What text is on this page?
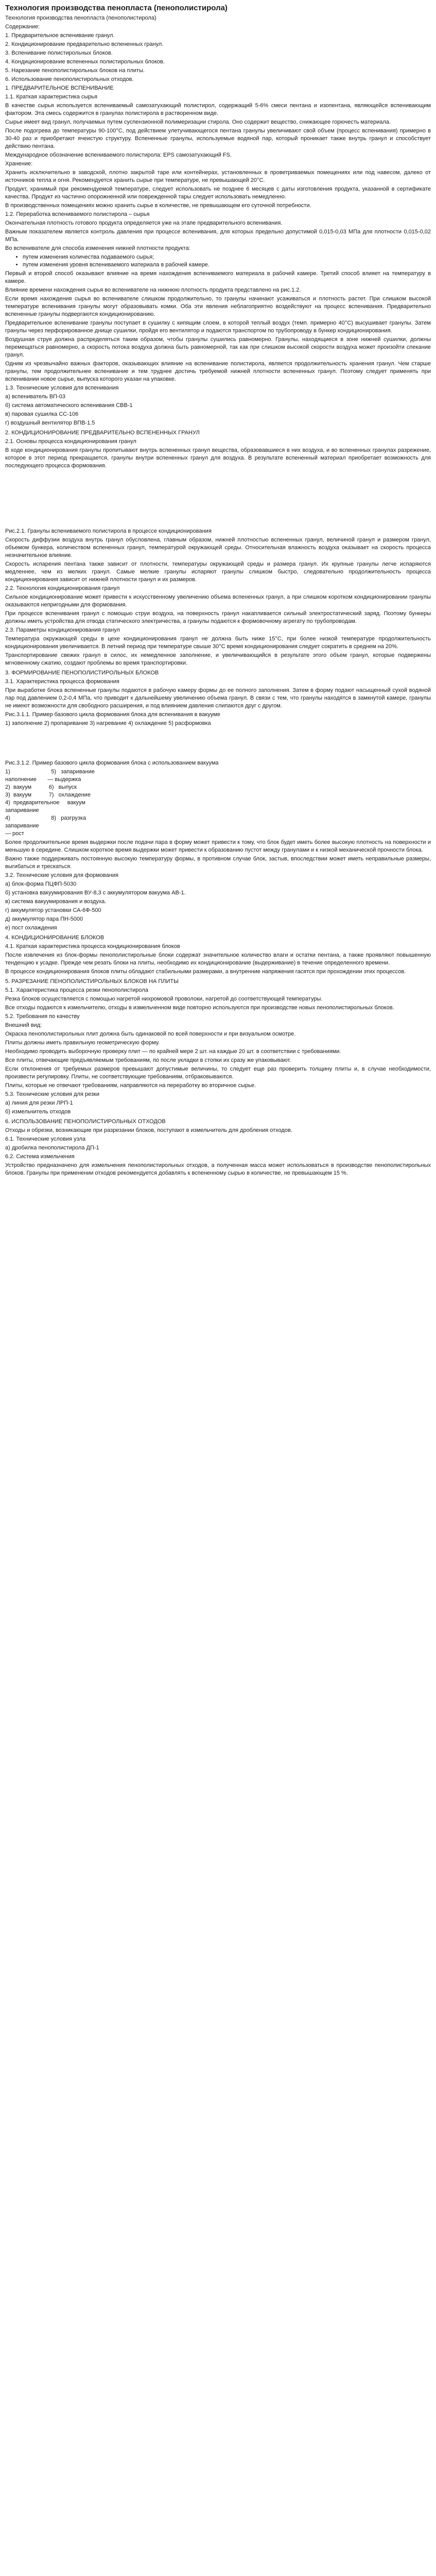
Технология производства пенопласта (пенополистирола)
Технология производства пенопласта (пенополистирола)
Содержание:
1. Предварительное вспенивание гранул.
2. Кондиционирование предварительно вспененных гранул.
3. Вспенивание полистирольных блоков.
4. Кондиционирование вспененных полистирольных блоков.
5. Нарезание пенополистирольных блоков на плиты.
6. Использование пенополистирольных отходов.
1. ПРЕДВАРИТЕЛЬНОЕ ВСПЕНИВАНИЕ
1.1. Краткая характеристика сырья
В качестве сырья используется вспениваемый самозатухающий полистирол, содержащий 5-6% смеси пентана и изопентана, являющейся вспенивающим фактором. Эта смесь содержится в гранулах полистирола в растворенном виде.
Сырье имеет вид гранул, получаемых путем суспензионной полимеризации стирола. Оно содержит вещество, снижающее горючесть материала.
После подогрева до температуры 90-100°С, под действием улетучивающегося пентана гранулы увеличивают свой объем (процесс вспенивания) примерно в 30-40 раз и приобретают ячеистую структуру. Вспененные гранулы, используемые водяной пар, который проникает также внутрь гранул и способствует действию пентана.
Международное обозначение вспениваемого полистирола: EPS самозатухающий FS.
Хранение:
Хранить исключительно в заводской, плотно закрытой таре или контейнерах, установленных в проветриваемых помещениях или под навесом, далеко от источников тепла и огня. Рекомендуется хранить сырье при температуре, не превышающей 20°С.
Продукт, хранимый при рекомендуемой температуре, следует использовать не позднее 6 месяцев с даты изготовления продукта, указанной в сертификате качества. Продукт из частично опорожненной или поврежденной тары следует использовать немедленно.
В производственных помещениях можно хранить сырье в количестве, не превышающем его суточной потребности.
1.2. Переработка вспениваемого полистирола – сырья
Окончательная плотность готового продукта определяется уже на этапе предварительного вспенивания.
Важным показателем является контроль давления при процессе вспенивания, для которых предельно допустимой 0,015-0,03 МПа для плотности 0,015-0,02 МПа.
Во вспенивателе для способа изменения нижней плотности продукта:
• путем изменения количества подаваемого сырья;
• путем изменения уровня вспениваемого материала в рабочей камере.
Первый и второй способ оказывают влияние на время нахождения вспениваемого материала в рабочей камере. Третий способ влияет на температуру в камере.
Влияние времени нахождения сырья во вспенивателе на нижнюю плотность продукта представлено на рис.1.2.
Если время нахождения сырья во вспенивателе слишком продолжительно, то гранулы начинают усаживаться и плотность растет. При слишком высокой температуре вспенивания гранулы могут образовывать комки. Оба эти явления неблагоприятно воздействуют на процесс вспенивания. Предварительно вспененные гранулы подвергаются кондиционированию.
Предварительное вспенивание гранулы поступает в сушилку с кипящим слоем, в которой теплый воздух (темп. примерно 40°С) высушивает гранулы. Затем гранулы через перфорированное днище сушилки, пройдя его вентилятор и подаются транспортом по трубопроводу в бункер кондиционирования.
Воздушная струя должна распределяться таким образом, чтобы гранулы сушились равномерно. Гранулы, находящиеся в зоне нижней сушилки, должны перемещаться равномерно, а скорость потока воздуха должна быть равномерной, так как при слишком высокой скорости воздуха может произойти спекание гранул.
Одним из чрезвычайно важных факторов, оказывающих влияние на вспенивание полистирола, является продолжительность хранения гранул. Чем старше гранулы, тем продолжительнее вспенивание и тем труднее достичь требуемой нижней плотности вспененных гранул. Поэтому следует применять при вспенивании новое сырье, выпуска которого указан на упаковке.
1.3. Технические условия для вспенивания
а) вспениватель ВП-03
б) система автоматического вспенивания СВВ-1
в) паровая сушилка СС-106
г) воздушный вентилятор ВПВ-1.5
2. КОНДИЦИОНИРОВАНИЕ ПРЕДВАРИТЕЛЬНО ВСПЕНЕННЫХ ГРАНУЛ
2.1. Основы процесса кондиционирования гранул
В ходе кондиционирования гранулы пропитывают внутрь вспененных гранул вещества, образовавшиеся в них воздуха, и во вспененных гранулах разрежение, которое в этот период прекращается, гранулы внутри вспененных гранул для воздуха. В результате вспененный материал приобретает возможность для последующего процесса формования.
Рис.2.1. Гранулы вспениваемого полистирола в процессе кондиционирования
Скорость диффузии воздуха внутрь гранул обусловлена, главным образом, нижней плотностью вспененных гранул, величиной гранул и размером гранул, объемом бункера, количеством вспененных гранул, температурой окружающей среды. Относительная влажность воздуха оказывает на скорость процесса незначительное влияние.
Скорость испарения пентана также зависит от плотности, температуры окружающей среды и размера гранул. Их крупные гранулы легче испаряются медленнее, чем из мелких гранул. Самые мелкие гранулы испаряют гранулы слишком быстро, следовательно продолжительность процесса кондиционирования зависит от нижней плотности гранул и их размеров.
2.2. Технология кондиционирования гранул
Сильное кондиционирование может привести к искусственному увеличению объема вспененных гранул, а при слишком коротком кондиционировании гранулы оказываются непригодными для формования.
При процессе вспенивания гранул с помощью струи воздуха, на поверхность гранул накапливается сильный электростатический заряд. Поэтому бункеры должны иметь устройства для отвода статического электричества, а гранулы подаются к формовочному агрегату по трубопроводам.
2.3. Параметры кондиционирования гранул
Температура окружающей среды в цехе кондиционирования гранул не должна быть ниже 15°С, при более низкой температуре продолжительность кондиционирования увеличивается. В летний период при температуре свыше 30°С время кондиционирования следует сократить в среднем на 20%.
Транспортирование свежих гранул в силос, их немедленное заполнение, и увеличивающийся в результате этого объем гранул, которые подвержены мгновенному сжатию, создают проблемы во время транспортировки.
3. ФОРМИРОВАНИЕ ПЕНОПОЛИСТИРОЛЬНЫХ БЛОКОВ
3.1. Характеристика процесса формования
При выработке блока вспененные гранулы подаются в рабочую камеру формы до ее полного заполнения. Затем в форму подают насыщенный сухой водяной пар под давлением 0,2-0,4 МПа, что приводит к дальнейшему увеличению объема гранул. В связи с тем, что гранулы находятся в замкнутой камере, гранулы не имеют возможности для свободного расширения, и под влиянием давления слипаются друг с другом.
Рис.3.1.1. Пример базового цикла формования блока для вспенивания в вакууме
1) заполнение 2) пропаривание 3) нагревание 4) охлаждение 5) расформовка
Рис.3.1.2. Пример базового цикла формования блока с использованием вакуума
1)                          5)   запаривание
наполнение       — выдержка
2)  вакуум           6)   выпуск
3)  вакуум           7)   охлаждение
4)  предварительное     вакуум
запаривание
4)                          8)   разгрузка
запаривание
— рост
Более продолжительное время выдержки после подачи пара в форму может привести к тому, что блок будет иметь более высокую плотность на поверхности и меньшую в середине. Слишком короткое время выдержки может привести к образованию пустот между гранулами и к низкой механической прочности блока.
Важно также поддерживать постоянную высокую температуру формы, в противном случае блок, застыв, впоследствии может иметь неправильные размеры, выгибаться и трескаться.
3.2. Технические условия для формования
а) блок-форма ПЦФП-5030
б) установка вакуумирования ВУ-8,3 с аккумулятором вакуума АВ-1.
в) система вакуумирования и воздуха.
г) аккумулятор установки СА-6Ф-500
д) аккумулятор пара ПН-5000
е) пост охлаждения
4. КОНДИЦИОНИРОВАНИЕ БЛОКОВ
4.1. Краткая характеристика процесса кондиционирования блоков
После извлечения из блок-формы пенополистирольные блоки содержат значительное количество влаги и остатки пентана, а также проявляют повышенную тенденцию к усадке. Прежде чем резать блоки на плиты, необходимо их кондиционирование (выдерживание) в течение определенного времени.
В процессе кондиционирования блоков плиты обладают стабильными размерами, а внутренние напряжения гасятся при прохождении этих процессов.
5. РАЗРЕЗАНИЕ ПЕНОПОЛИСТИРОЛЬНЫХ БЛОКОВ НА ПЛИТЫ
5.1. Характеристика процесса резки пенополистирола
Резка блоков осуществляется с помощью нагретой нихромовой проволоки, нагретой до соответствующей температуры.
Все отходы подаются к измельчителю, отходы в измельченном виде повторно используются при производстве новых пенополистирольных блоков.
5.2. Требования по качеству
Внешний вид:
Окраска пенополистирольных плит должна быть одинаковой по всей поверхности и при визуальном осмотре.
Плиты должны иметь правильную геометрическую форму.
Необходимо проводить выборочную проверку плит — по крайней мере 2 шт. на каждые 20 шт. в соответствии с требованиями.
Все плиты, отвечающие предъявляемым требованиям, по после укладки в стопки их сразу же упаковывают.
Если отклонения от требуемых размеров превышают допустимые величины, то следует еще раз проверить толщину плиты и, в случае необходимости, произвести регулировку. Плиты, не соответствующие требованиям, отбраковываются.
Плиты, которые не отвечают требованиям, направляются на переработку во вторичное сырье.
5.3. Технические условия для резки
а) линия для резки ЛРП-1
б) измельчитель отходов
6. ИСПОЛЬЗОВАНИЕ ПЕНОПОЛИСТИРОЛЬНЫХ ОТХОДОВ
Отходы и обрезки, возникающие при разрезании блоков, поступают в измельчитель для дробления отходов.
6.1. Технические условия узла
а) дробилка пенополистирола ДП-1
6.2. Система измельчения
Устройство предназначено для измельчения пенополистирольных отходов, а полученная масса может использоваться в производстве пенополистирольных блоков. Гранулы при применении отходов рекомендуется добавлять к вспененному сырью в количестве, не превышающем 15 %.
